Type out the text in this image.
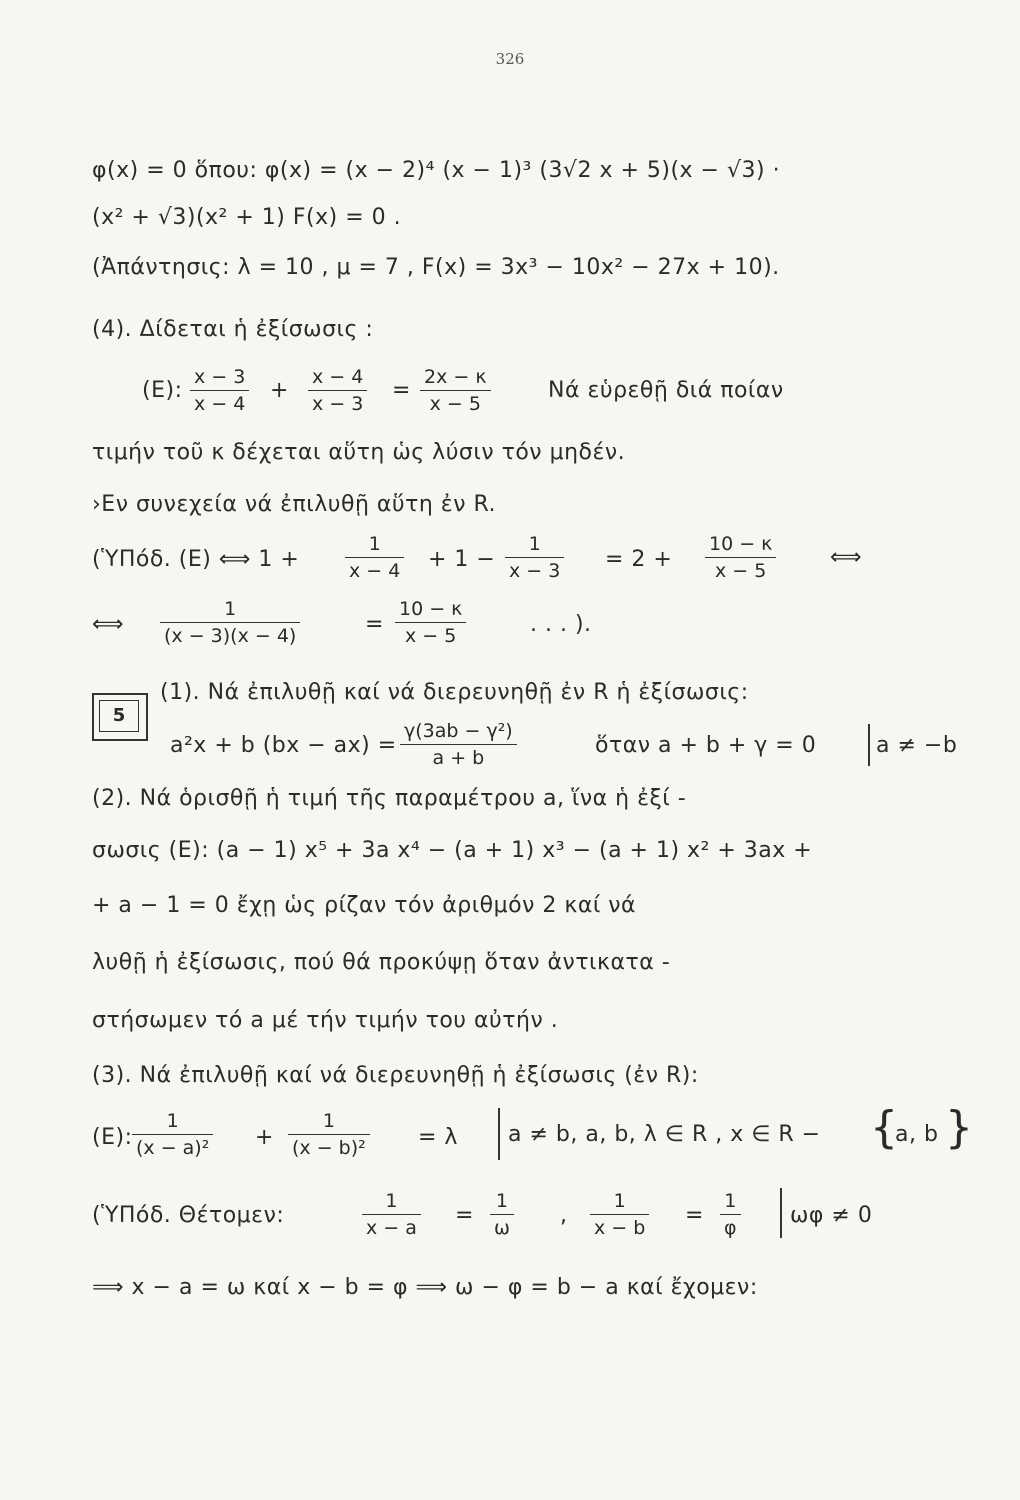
326
φ(x) = 0 ὅπου: φ(x) = (x − 2)⁴ (x − 1)³ (3√2 x + 5)(x − √3) ·
(x² + √3)(x² + 1) F(x) = 0 .
(Ἀπάντησις: λ = 10 , μ = 7 , F(x) = 3x³ − 10x² − 27x + 10).
(4). Δίδεται ἡ ἐξίσωσις :
(E): $\frac{x - 3}{x - 4} + \frac{x - 4}{x - 3} = \frac{2x - \kappa}{x - 5}$	Νά εὑρεθῇ διά ποίαν
τιμήν τοῦ κ δέχεται αὕτη ὡς λύσιν τόν μηδέν.
›Εν συνεχεία νά ἐπιλυθῇ αὕτη ἐν R.
(ὙΠόδ. (E) ⟺ $1 + \frac{1}{x - 4} + 1 - \frac{1}{x - 3} = 2 + \frac{10 - \kappa}{x - 5}$ ⟺
⟺ $\frac{1}{(x - 3)(x - 4)}$	= $\frac{10 - \kappa}{x - 5}$	. . . ).
5
(1). Νά ἐπιλυθῇ καί νά διερευνηθῇ ἐν R ἡ ἐξίσωσις:
a²x + b $(bx - ax) = \frac{\text{γ(3ab − γ²)}}{a + b}$	ὅταν a + b + γ = 0	a ≠ −b
(2). Νά ὁρισθῇ ἡ τιμή τῆς παραμέτρου a, ἵνα ἡ ἐξί -
σωσις (E): (a − 1) x⁵ + 3a x⁴ − (a + 1) x³ − (a + 1) x² + 3ax +
+ a − 1 = 0 ἔχῃ ὡς ρίζαν τόν ἀριθμόν 2 καί νά
λυθῇ ἡ ἐξίσωσις, πού θά προκύψῃ ὅταν ἀντικατα -
στήσωμεν τό a μέ τήν τιμήν του αὐτήν .
(3). Νά ἐπιλυθῇ καί νά διερευνηθῇ ἡ ἐξίσωσις (ἐν R):
(E): $\frac{1}{\text{(x − a)²}} + \frac{1}{\text{(x − b)²}} = \lambda$ a ≠ b, a, b, λ ∈ R , x ∈ R − {
a, b }
(ὙΠόδ. Θέτομεν:	$\frac{1}{x - a} = \frac{1}{\omega}$ , $\frac{1}{x - b} = \frac{1}{\varphi}$ ωφ ≠ 0
⟹ x − a = ω καί x − b = φ ⟹ ω − φ = b − a καί ἔχομεν:
